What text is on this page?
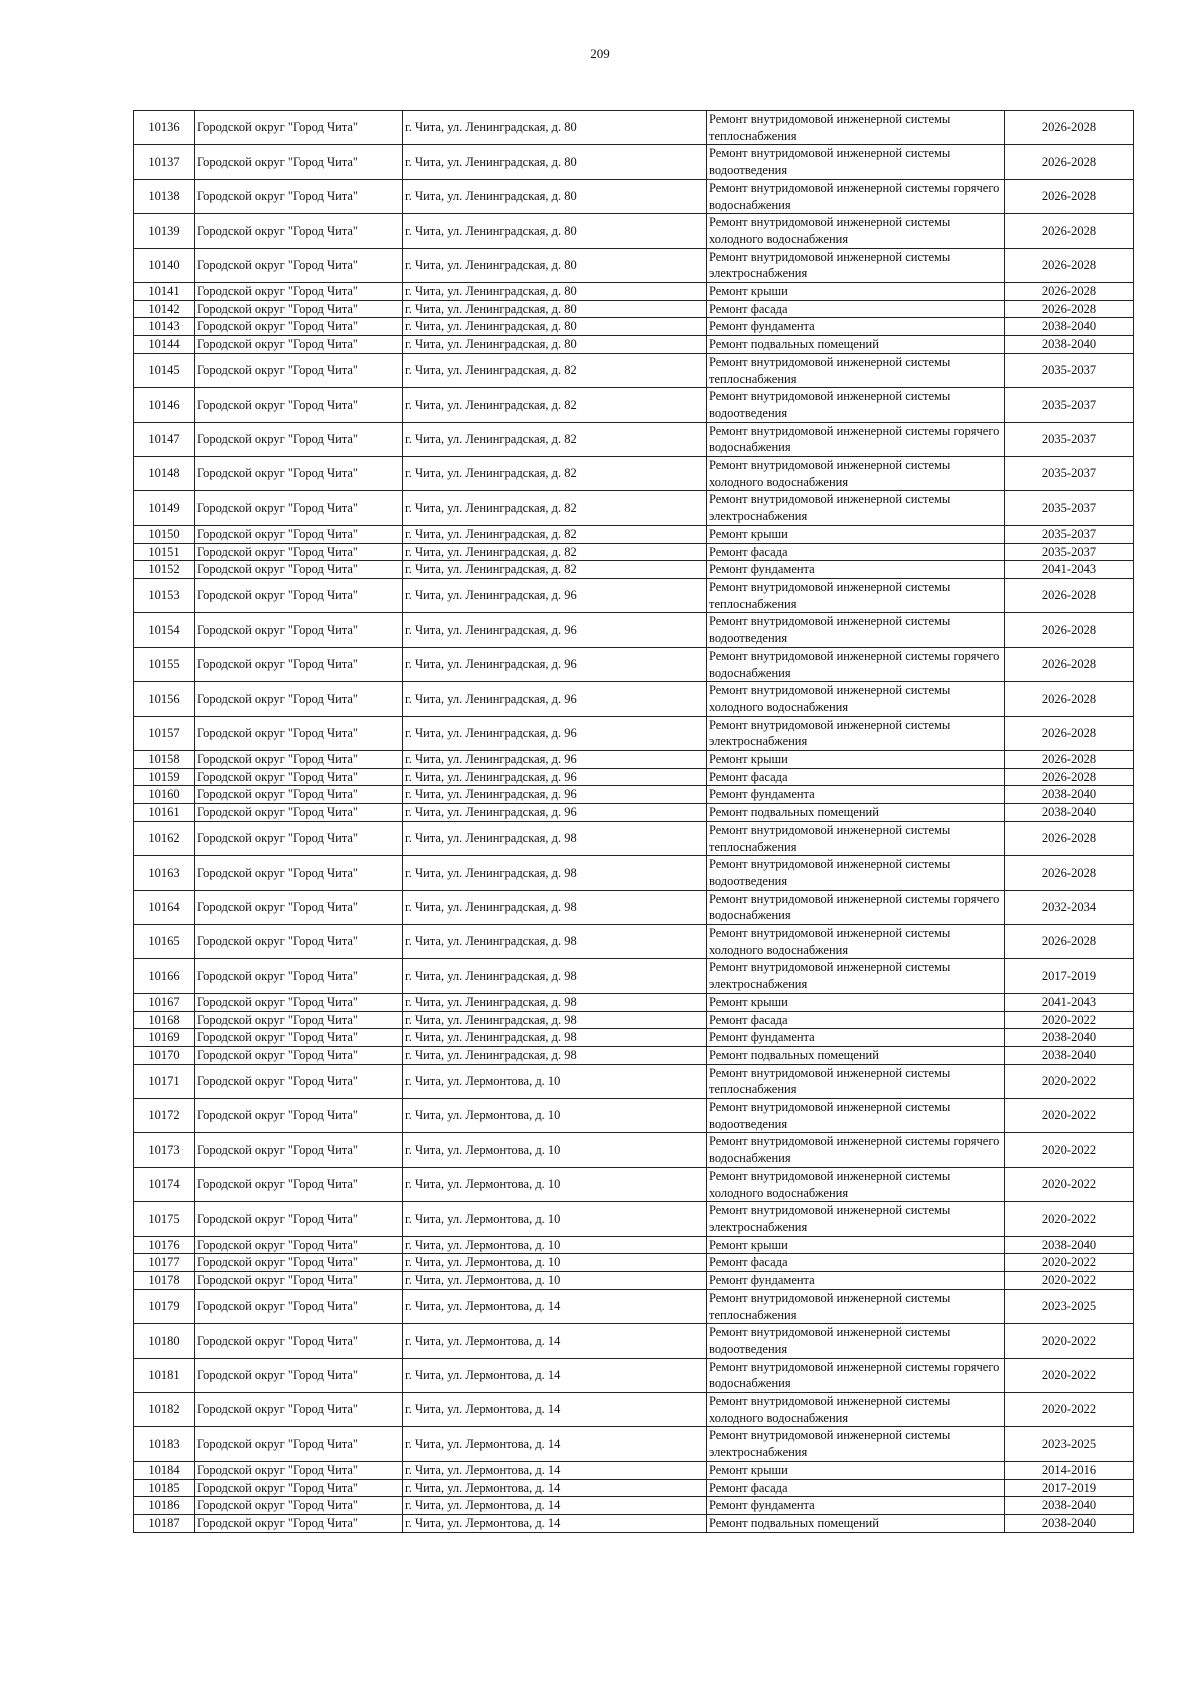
209
10136	Городской округ "Город Чита"	г. Чита, ул. Ленинградская, д. 80	Ремонт внутридомовой инженерной системы теплоснабжения	2026-2028
10137	Городской округ "Город Чита"	г. Чита, ул. Ленинградская, д. 80	Ремонт внутридомовой инженерной системы водоотведения	2026-2028
10138	Городской округ "Город Чита"	г. Чита, ул. Ленинградская, д. 80	Ремонт внутридомовой инженерной системы горячего водоснабжения	2026-2028
10139	Городской округ "Город Чита"	г. Чита, ул. Ленинградская, д. 80	Ремонт внутридомовой инженерной системы холодного водоснабжения	2026-2028
10140	Городской округ "Город Чита"	г. Чита, ул. Ленинградская, д. 80	Ремонт внутридомовой инженерной системы электроснабжения	2026-2028
10141	Городской округ "Город Чита"	г. Чита, ул. Ленинградская, д. 80	Ремонт крыши	2026-2028
10142	Городской округ "Город Чита"	г. Чита, ул. Ленинградская, д. 80	Ремонт фасада	2026-2028
10143	Городской округ "Город Чита"	г. Чита, ул. Ленинградская, д. 80	Ремонт фундамента	2038-2040
10144	Городской округ "Город Чита"	г. Чита, ул. Ленинградская, д. 80	Ремонт подвальных помещений	2038-2040
10145	Городской округ "Город Чита"	г. Чита, ул. Ленинградская, д. 82	Ремонт внутридомовой инженерной системы теплоснабжения	2035-2037
10146	Городской округ "Город Чита"	г. Чита, ул. Ленинградская, д. 82	Ремонт внутридомовой инженерной системы водоотведения	2035-2037
10147	Городской округ "Город Чита"	г. Чита, ул. Ленинградская, д. 82	Ремонт внутридомовой инженерной системы горячего водоснабжения	2035-2037
10148	Городской округ "Город Чита"	г. Чита, ул. Ленинградская, д. 82	Ремонт внутридомовой инженерной системы холодного водоснабжения	2035-2037
10149	Городской округ "Город Чита"	г. Чита, ул. Ленинградская, д. 82	Ремонт внутридомовой инженерной системы электроснабжения	2035-2037
10150	Городской округ "Город Чита"	г. Чита, ул. Ленинградская, д. 82	Ремонт крыши	2035-2037
10151	Городской округ "Город Чита"	г. Чита, ул. Ленинградская, д. 82	Ремонт фасада	2035-2037
10152	Городской округ "Город Чита"	г. Чита, ул. Ленинградская, д. 82	Ремонт фундамента	2041-2043
10153	Городской округ "Город Чита"	г. Чита, ул. Ленинградская, д. 96	Ремонт внутридомовой инженерной системы теплоснабжения	2026-2028
10154	Городской округ "Город Чита"	г. Чита, ул. Ленинградская, д. 96	Ремонт внутридомовой инженерной системы водоотведения	2026-2028
10155	Городской округ "Город Чита"	г. Чита, ул. Ленинградская, д. 96	Ремонт внутридомовой инженерной системы горячего водоснабжения	2026-2028
10156	Городской округ "Город Чита"	г. Чита, ул. Ленинградская, д. 96	Ремонт внутридомовой инженерной системы холодного водоснабжения	2026-2028
10157	Городской округ "Город Чита"	г. Чита, ул. Ленинградская, д. 96	Ремонт внутридомовой инженерной системы электроснабжения	2026-2028
10158	Городской округ "Город Чита"	г. Чита, ул. Ленинградская, д. 96	Ремонт крыши	2026-2028
10159	Городской округ "Город Чита"	г. Чита, ул. Ленинградская, д. 96	Ремонт фасада	2026-2028
10160	Городской округ "Город Чита"	г. Чита, ул. Ленинградская, д. 96	Ремонт фундамента	2038-2040
10161	Городской округ "Город Чита"	г. Чита, ул. Ленинградская, д. 96	Ремонт подвальных помещений	2038-2040
10162	Городской округ "Город Чита"	г. Чита, ул. Ленинградская, д. 98	Ремонт внутридомовой инженерной системы теплоснабжения	2026-2028
10163	Городской округ "Город Чита"	г. Чита, ул. Ленинградская, д. 98	Ремонт внутридомовой инженерной системы водоотведения	2026-2028
10164	Городской округ "Город Чита"	г. Чита, ул. Ленинградская, д. 98	Ремонт внутридомовой инженерной системы горячего водоснабжения	2032-2034
10165	Городской округ "Город Чита"	г. Чита, ул. Ленинградская, д. 98	Ремонт внутридомовой инженерной системы холодного водоснабжения	2026-2028
10166	Городской округ "Город Чита"	г. Чита, ул. Ленинградская, д. 98	Ремонт внутридомовой инженерной системы электроснабжения	2017-2019
10167	Городской округ "Город Чита"	г. Чита, ул. Ленинградская, д. 98	Ремонт крыши	2041-2043
10168	Городской округ "Город Чита"	г. Чита, ул. Ленинградская, д. 98	Ремонт фасада	2020-2022
10169	Городской округ "Город Чита"	г. Чита, ул. Ленинградская, д. 98	Ремонт фундамента	2038-2040
10170	Городской округ "Город Чита"	г. Чита, ул. Ленинградская, д. 98	Ремонт подвальных помещений	2038-2040
10171	Городской округ "Город Чита"	г. Чита, ул. Лермонтова, д. 10	Ремонт внутридомовой инженерной системы теплоснабжения	2020-2022
10172	Городской округ "Город Чита"	г. Чита, ул. Лермонтова, д. 10	Ремонт внутридомовой инженерной системы водоотведения	2020-2022
10173	Городской округ "Город Чита"	г. Чита, ул. Лермонтова, д. 10	Ремонт внутридомовой инженерной системы горячего водоснабжения	2020-2022
10174	Городской округ "Город Чита"	г. Чита, ул. Лермонтова, д. 10	Ремонт внутридомовой инженерной системы холодного водоснабжения	2020-2022
10175	Городской округ "Город Чита"	г. Чита, ул. Лермонтова, д. 10	Ремонт внутридомовой инженерной системы электроснабжения	2020-2022
10176	Городской округ "Город Чита"	г. Чита, ул. Лермонтова, д. 10	Ремонт крыши	2038-2040
10177	Городской округ "Город Чита"	г. Чита, ул. Лермонтова, д. 10	Ремонт фасада	2020-2022
10178	Городской округ "Город Чита"	г. Чита, ул. Лермонтова, д. 10	Ремонт фундамента	2020-2022
10179	Городской округ "Город Чита"	г. Чита, ул. Лермонтова, д. 14	Ремонт внутридомовой инженерной системы теплоснабжения	2023-2025
10180	Городской округ "Город Чита"	г. Чита, ул. Лермонтова, д. 14	Ремонт внутридомовой инженерной системы водоотведения	2020-2022
10181	Городской округ "Город Чита"	г. Чита, ул. Лермонтова, д. 14	Ремонт внутридомовой инженерной системы горячего водоснабжения	2020-2022
10182	Городской округ "Город Чита"	г. Чита, ул. Лермонтова, д. 14	Ремонт внутридомовой инженерной системы холодного водоснабжения	2020-2022
10183	Городской округ "Город Чита"	г. Чита, ул. Лермонтова, д. 14	Ремонт внутридомовой инженерной системы электроснабжения	2023-2025
10184	Городской округ "Город Чита"	г. Чита, ул. Лермонтова, д. 14	Ремонт крыши	2014-2016
10185	Городской округ "Город Чита"	г. Чита, ул. Лермонтова, д. 14	Ремонт фасада	2017-2019
10186	Городской округ "Город Чита"	г. Чита, ул. Лермонтова, д. 14	Ремонт фундамента	2038-2040
10187	Городской округ "Город Чита"	г. Чита, ул. Лермонтова, д. 14	Ремонт подвальных помещений	2038-2040
